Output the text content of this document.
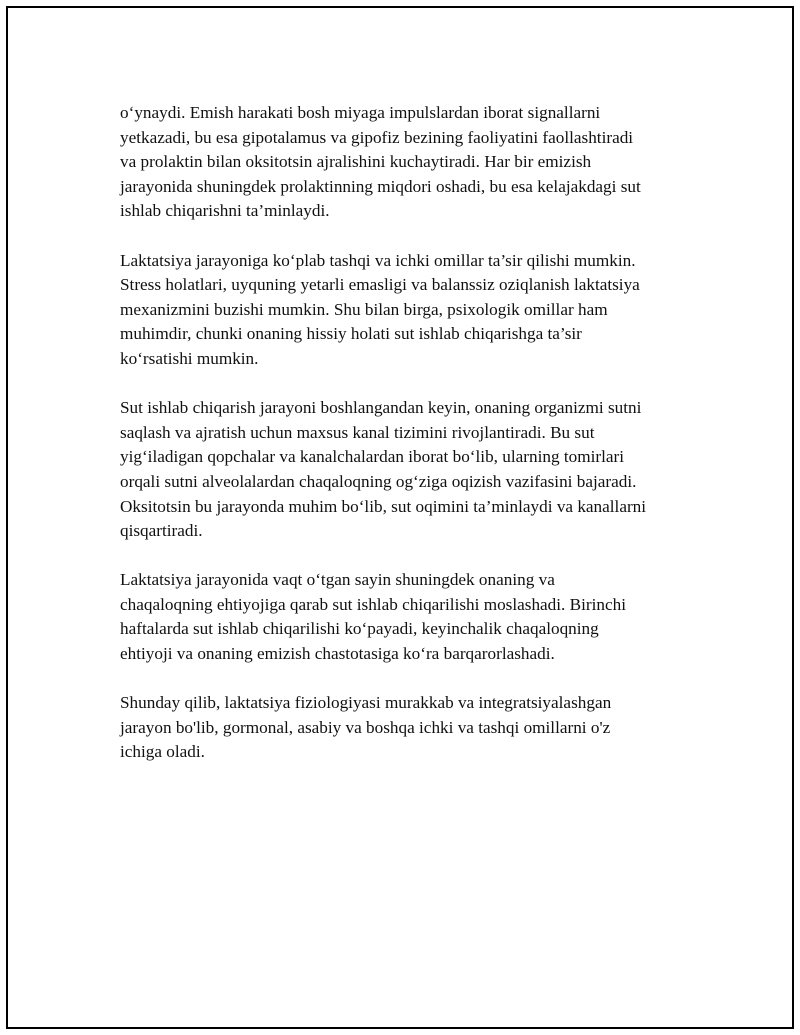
o‘ynaydi. Emish harakati bosh miyaga impulslardan iborat signallarni
yetkazadi, bu esa gipotalamus va gipofiz bezining faoliyatini faollashtiradi
va prolaktin bilan oksitotsin ajralishini kuchaytiradi. Har bir emizish
jarayonida shuningdek prolaktinning miqdori oshadi, bu esa kelajakdagi sut
ishlab chiqarishni ta’minlaydi.

Laktatsiya jarayoniga ko‘plab tashqi va ichki omillar ta’sir qilishi mumkin.
Stress holatlari, uyquning yetarli emasligi va balanssiz oziqlanish laktatsiya
mexanizmini buzishi mumkin. Shu bilan birga, psixologik omillar ham
muhimdir, chunki onaning hissiy holati sut ishlab chiqarishga ta’sir
ko‘rsatishi mumkin.

Sut ishlab chiqarish jarayoni boshlangandan keyin, onaning organizmi sutni
saqlash va ajratish uchun maxsus kanal tizimini rivojlantiradi. Bu sut
yig‘iladigan qopchalar va kanalchalardan iborat bo‘lib, ularning tomirlari
orqali sutni alveolalardan chaqaloqning og‘ziga oqizish vazifasini bajaradi.
Oksitotsin bu jarayonda muhim bo‘lib, sut oqimini ta’minlaydi va kanallarni
qisqartiradi.

Laktatsiya jarayonida vaqt o‘tgan sayin shuningdek onaning va
chaqaloqning ehtiyojiga qarab sut ishlab chiqarilishi moslashadi. Birinchi
haftalarda sut ishlab chiqarilishi ko‘payadi, keyinchalik chaqaloqning
ehtiyoji va onaning emizish chastotasiga ko‘ra barqarorlashadi.

Shunday qilib, laktatsiya fiziologiyasi murakkab va integratsiyalashgan
jarayon bo'lib, gormonal, asabiy va boshqa ichki va tashqi omillarni o'z
ichiga oladi.
